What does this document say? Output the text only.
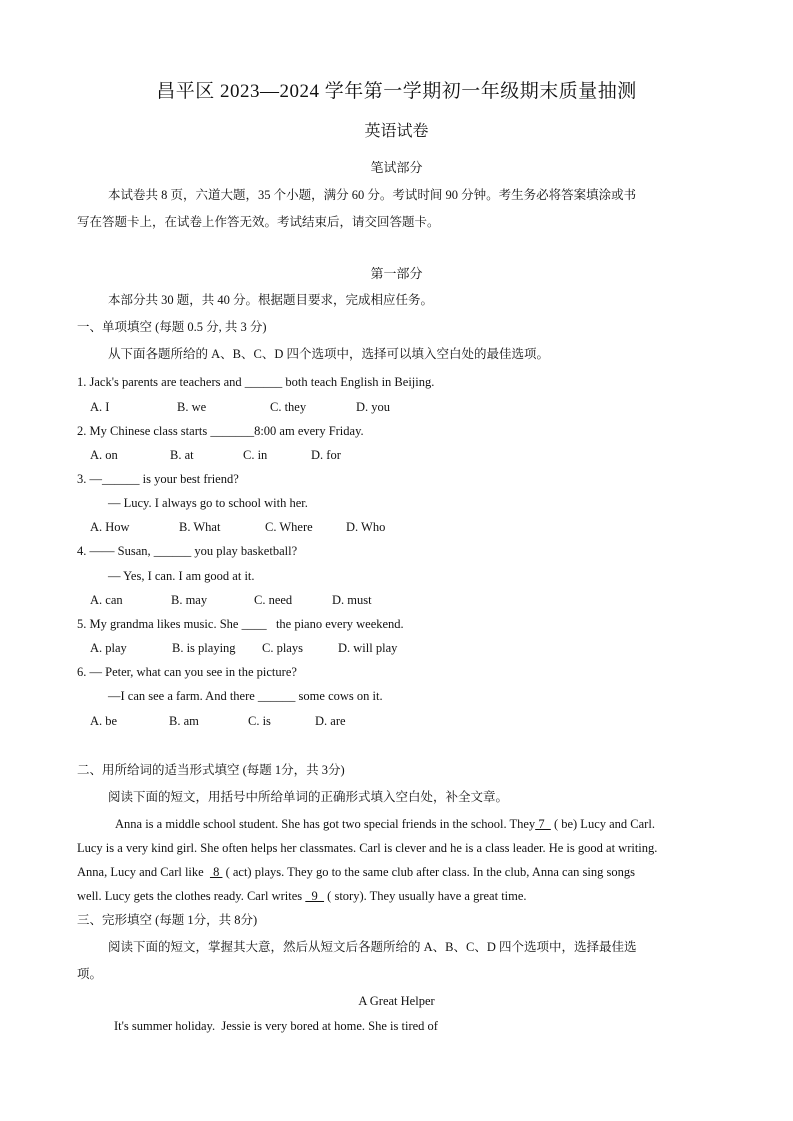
昌平区 2023—2024 学年第一学期初一年级期末质量抽测
英语试卷
笔试部分
本试卷共 8 页，六道大题，35 个小题，满分 60 分。考试时间 90 分钟。考生务必将答案填涂或书
写在答题卡上，在试卷上作答无效。考试结束后，请交回答题卡。
第一部分
本部分共 30 题，共 40 分。根据题目要求，完成相应任务。
一、单项填空 (每题 0.5 分, 共 3 分)
从下面各题所给的 A、B、C、D 四个选项中，选择可以填入空白处的最佳选项。
1. Jack's parents are teachers and ______ both teach English in Beijing.
A. I	B. we	C. they	D. you
2. My Chinese class starts _______8:00 am every Friday.
A. on	B. at	C. in	D. for
3. —______ is your best friend?
— Lucy. I always go to school with her.
A. How	B. What	C. Where	D. Who
4. —— Susan, ______ you play basketball?
— Yes, I can. I am good at it.
A. can	B. may	C. need	D. must
5. My grandma likes music. She ____   the piano every weekend.
A. play	B. is playing C. plays	D. will play
6. — Peter, what can you see in the picture?
—I can see a farm. And there ______ some cows on it.
A. be	B. am	C. is	D. are
二、用所给词的适当形式填空 (每题 1分，共 3分)
阅读下面的短文，用括号中所给单词的正确形式填入空白处，补全文章。
Anna is a middle school student. She has got two special friends in the school. They 7   ( be) Lucy and Carl.
Lucy is a very kind girl. She often helps her classmates. Carl is clever and he is a class leader. He is good at writing.
Anna, Lucy and Carl like   8  ( act) plays. They go to the same club after class. In the club, Anna can sing songs
well. Lucy gets the clothes ready. Carl writes   9   ( story). They usually have a great time.
三、完形填空 (每题 1分，共 8分)
阅读下面的短文，掌握其大意，然后从短文后各题所给的 A、B、C、D 四个选项中，选择最佳选
项。
A Great Helper
It's summer holiday.  Jessie is very bored at home. She is tired of
